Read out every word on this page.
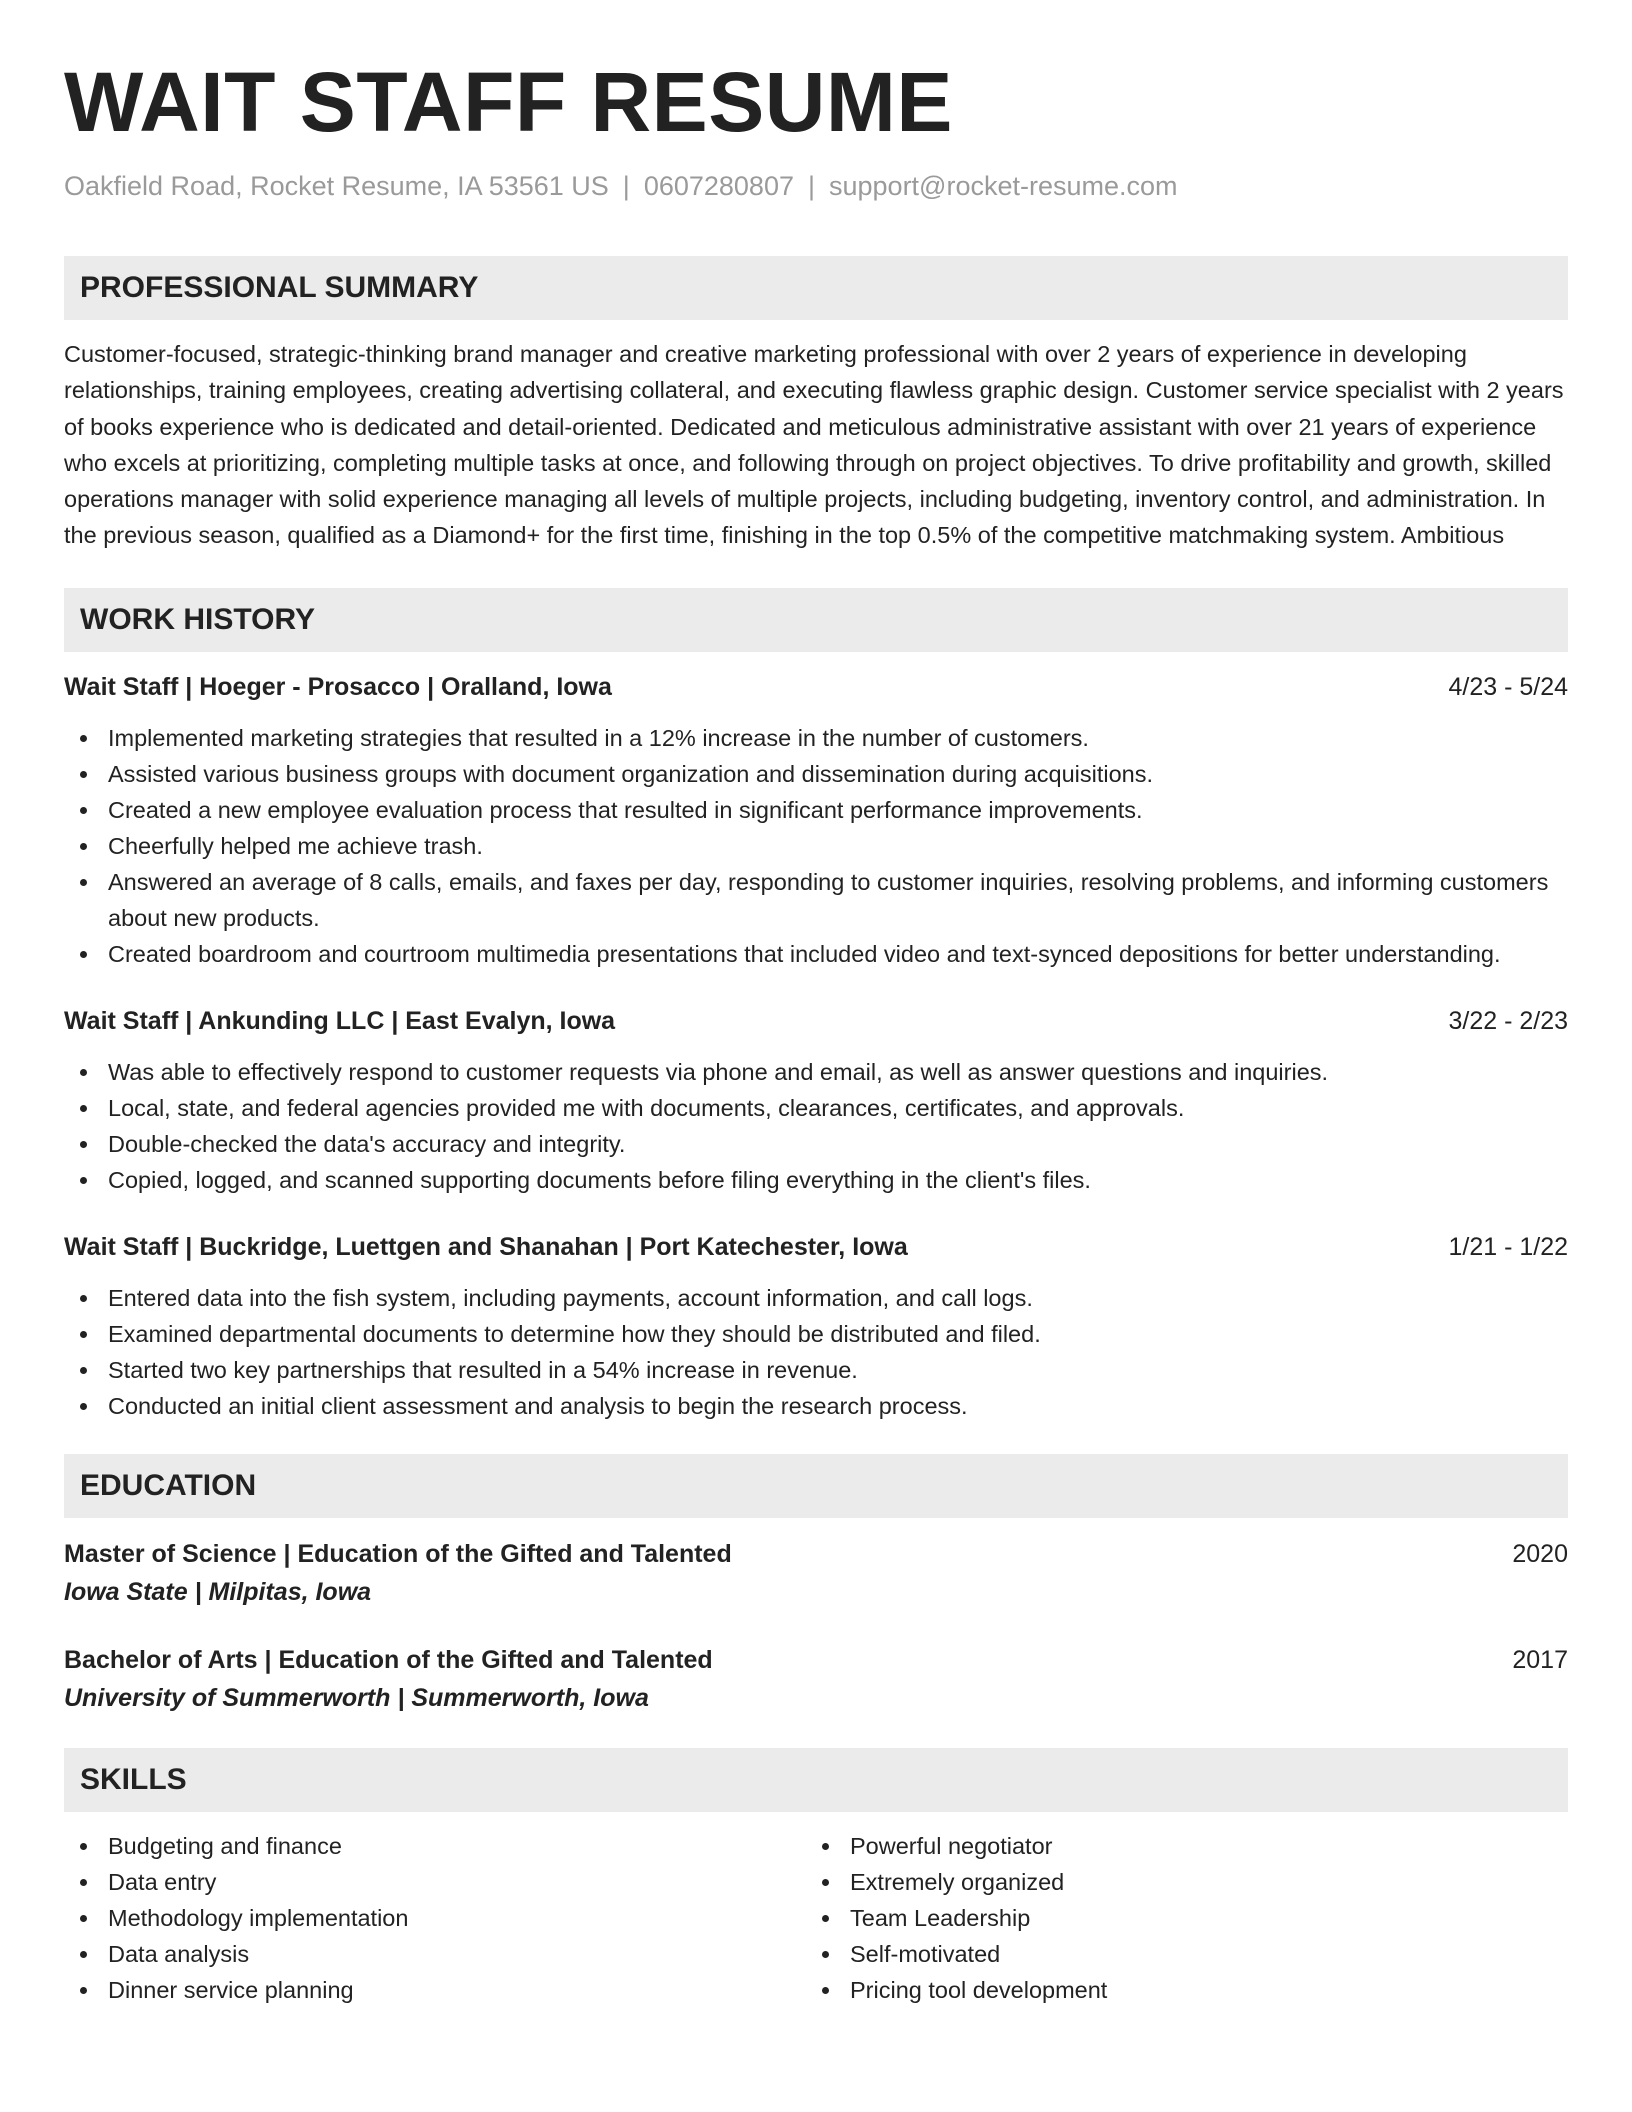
WAIT STAFF RESUME
Oakfield Road, Rocket Resume, IA 53561 US | 0607280807 | support@rocket-resume.com
PROFESSIONAL SUMMARY

Customer-focused, strategic-thinking brand manager and creative marketing professional with over 2 years of experience in developing relationships, training employees, creating advertising collateral, and executing flawless graphic design. Customer service specialist with 2 years of books experience who is dedicated and detail-oriented. Dedicated and meticulous administrative assistant with over 21 years of experience who excels at prioritizing, completing multiple tasks at once, and following through on project objectives. To drive profitability and growth, skilled operations manager with solid experience managing all levels of multiple projects, including budgeting, inventory control, and administration. In the previous season, qualified as a Diamond+ for the first time, finishing in the top 0.5% of the competitive matchmaking system. Ambitious

WORK HISTORY
Wait Staff | Hoeger - Prosacco | Oralland, Iowa	4/23 - 5/24
Implemented marketing strategies that resulted in a 12% increase in the number of customers.
Assisted various business groups with document organization and dissemination during acquisitions.
Created a new employee evaluation process that resulted in significant performance improvements.
Cheerfully helped me achieve trash.
Answered an average of 8 calls, emails, and faxes per day, responding to customer inquiries, resolving problems, and informing customers about new products.
Created boardroom and courtroom multimedia presentations that included video and text-synced depositions for better understanding.
Wait Staff | Ankunding LLC | East Evalyn, Iowa	3/22 - 2/23
Was able to effectively respond to customer requests via phone and email, as well as answer questions and inquiries.
Local, state, and federal agencies provided me with documents, clearances, certificates, and approvals.
Double-checked the data's accuracy and integrity.
Copied, logged, and scanned supporting documents before filing everything in the client's files.
Wait Staff | Buckridge, Luettgen and Shanahan | Port Katechester, Iowa	1/21 - 1/22
Entered data into the fish system, including payments, account information, and call logs.
Examined departmental documents to determine how they should be distributed and filed.
Started two key partnerships that resulted in a 54% increase in revenue.
Conducted an initial client assessment and analysis to begin the research process.
EDUCATION
Master of Science | Education of the Gifted and Talented	2020
Iowa State | Milpitas, Iowa
Bachelor of Arts | Education of the Gifted and Talented	2017
University of Summerworth | Summerworth, Iowa
SKILLS
Budgeting and finance
Data entry
Methodology implementation
Data analysis
Dinner service planning
Powerful negotiator
Extremely organized
Team Leadership
Self-motivated
Pricing tool development
